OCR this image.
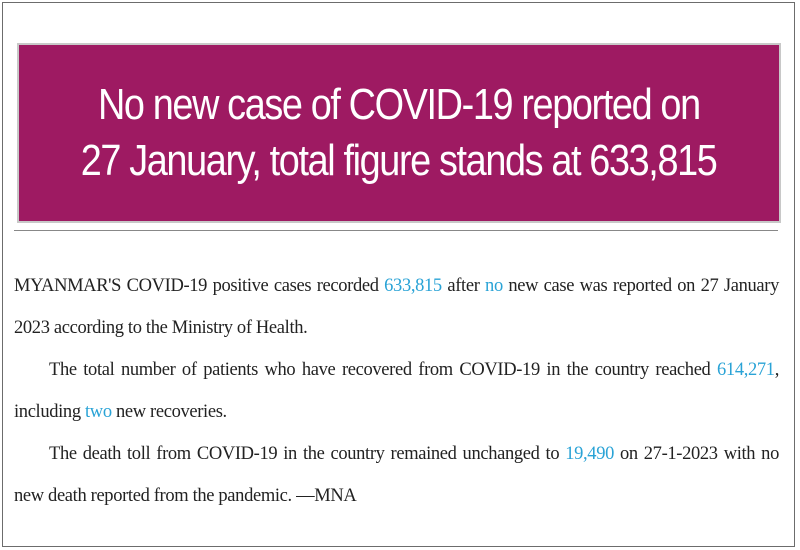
No new case of COVID-19 reported on
27 January, total figure stands at 633,815

MYANMAR'S COVID-19 positive cases recorded 633,815 after no new case was reported on 27 January 2023 according to the Ministry of Health.

The total number of patients who have recovered from COVID-19 in the country reached 614,271, including two new recoveries.

The death toll from COVID-19 in the country remained unchanged to 19,490 on 27-1-2023 with no new death reported from the pandemic. —MNA
